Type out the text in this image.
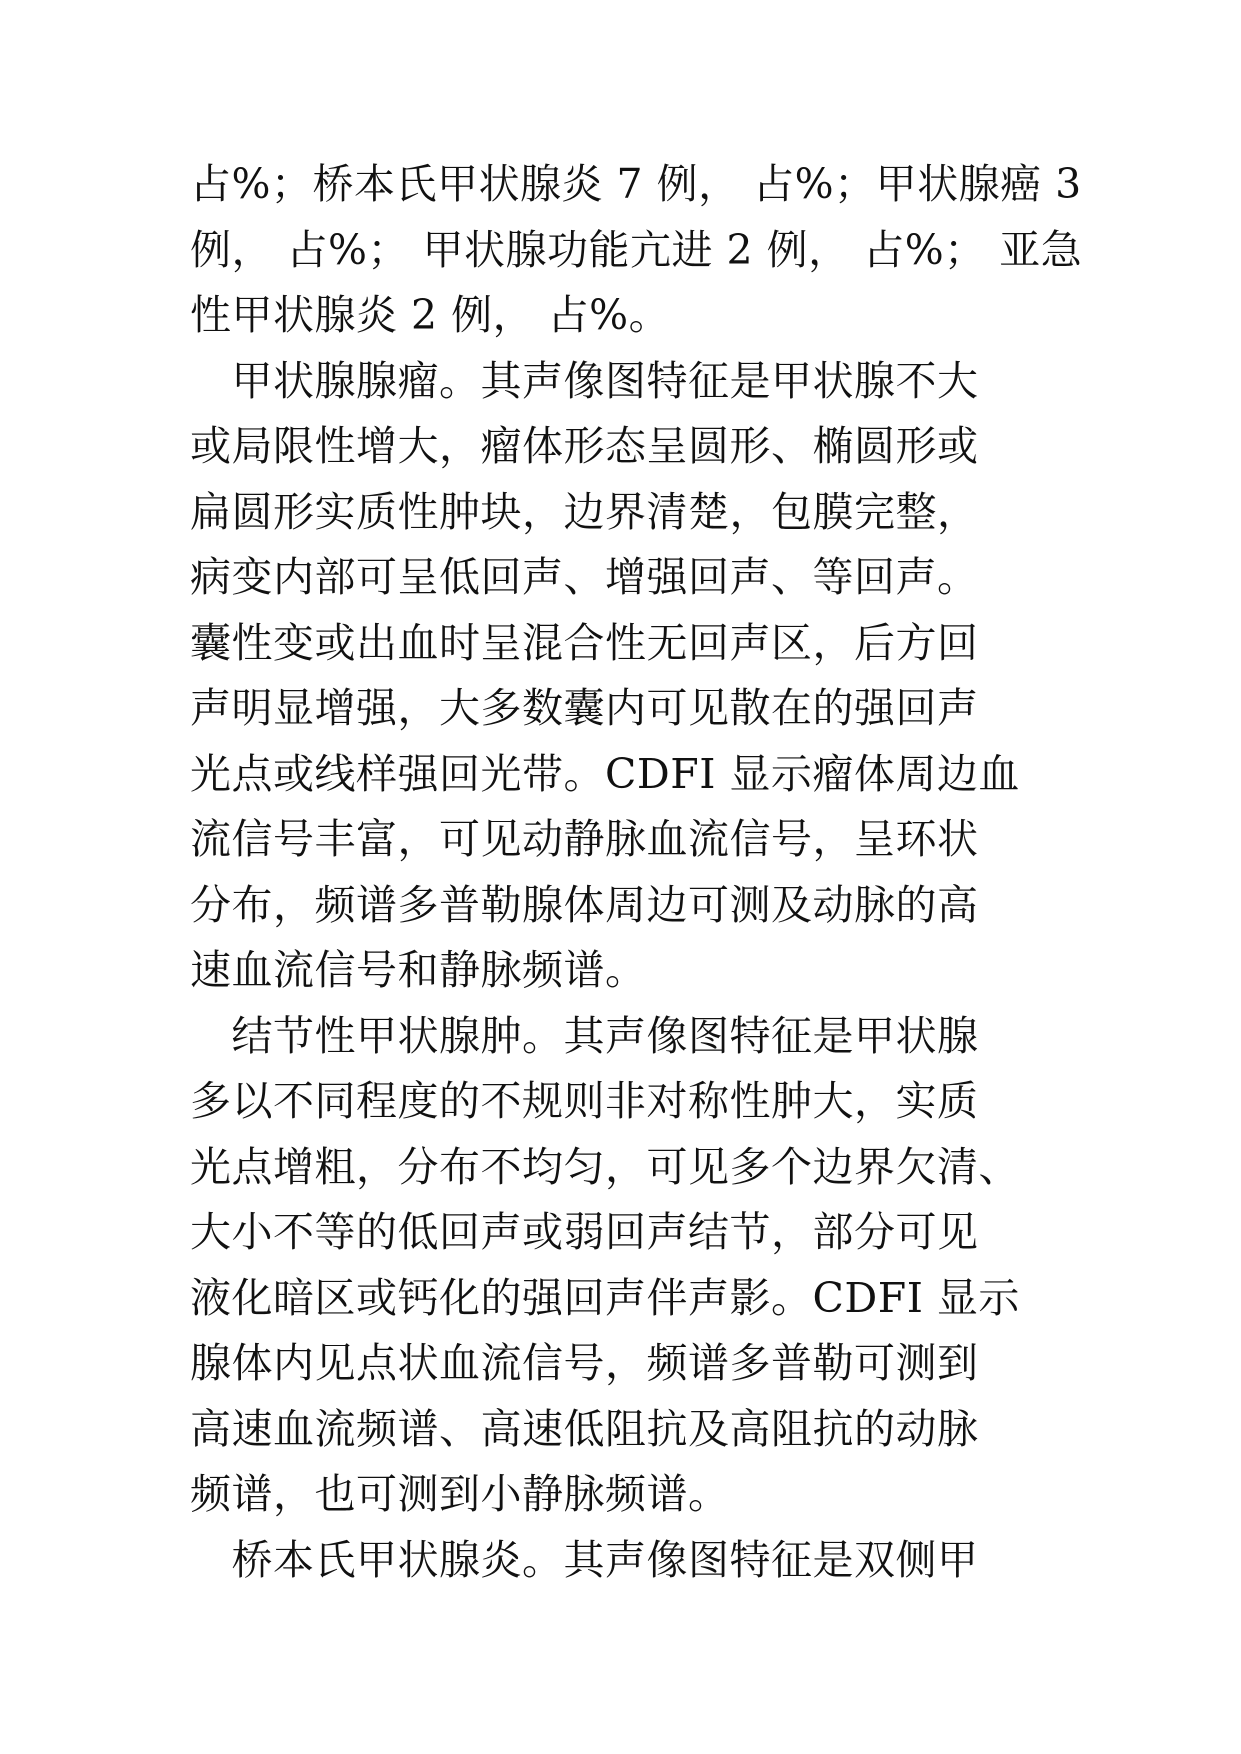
占%；桥本氏甲状腺炎 7 例， 占%；甲状腺癌 3
例， 占%； 甲状腺功能亢进 2 例， 占%； 亚急
性甲状腺炎 2 例， 占%。
　甲状腺腺瘤。其声像图特征是甲状腺不大
或局限性增大，瘤体形态呈圆形、椭圆形或
扁圆形实质性肿块，边界清楚，包膜完整，
病变内部可呈低回声、增强回声、等回声。
囊性变或出血时呈混合性无回声区，后方回
声明显增强，大多数囊内可见散在的强回声
光点或线样强回光带。CDFI 显示瘤体周边血
流信号丰富，可见动静脉血流信号，呈环状
分布，频谱多普勒腺体周边可测及动脉的高
速血流信号和静脉频谱。
　结节性甲状腺肿。其声像图特征是甲状腺
多以不同程度的不规则非对称性肿大，实质
光点增粗，分布不均匀，可见多个边界欠清、
大小不等的低回声或弱回声结节，部分可见
液化暗区或钙化的强回声伴声影。CDFI 显示
腺体内见点状血流信号，频谱多普勒可测到
高速血流频谱、高速低阻抗及高阻抗的动脉
频谱，也可测到小静脉频谱。
　桥本氏甲状腺炎。其声像图特征是双侧甲
